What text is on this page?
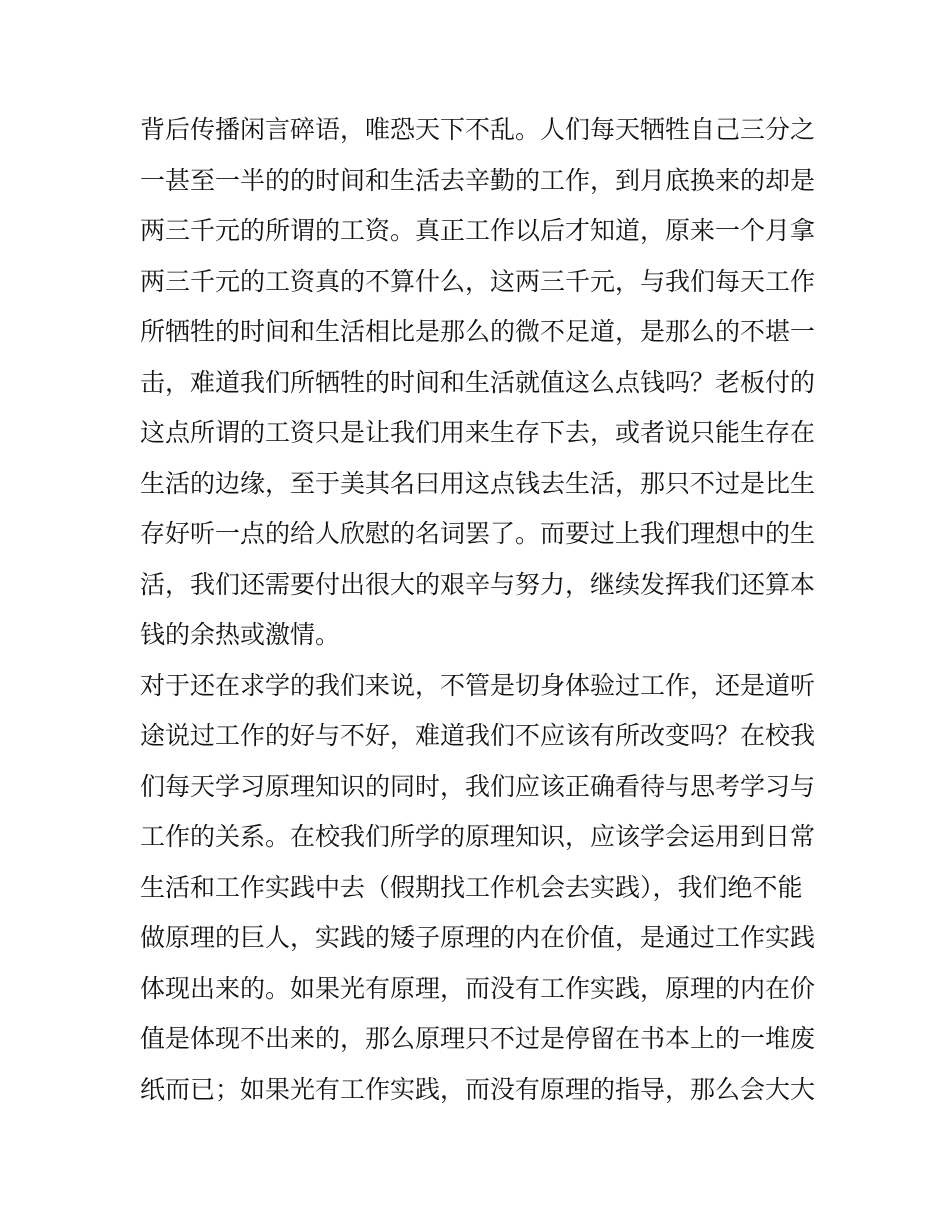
背后传播闲言碎语，唯恐天下不乱。人们每天牺牲自己三分之
一甚至一半的的时间和生活去辛勤的工作，到月底换来的却是
两三千元的所谓的工资。真正工作以后才知道，原来一个月拿
两三千元的工资真的不算什么，这两三千元，与我们每天工作
所牺牲的时间和生活相比是那么的微不足道，是那么的不堪一
击，难道我们所牺牲的时间和生活就值这么点钱吗？老板付的
这点所谓的工资只是让我们用来生存下去，或者说只能生存在
生活的边缘，至于美其名曰用这点钱去生活，那只不过是比生
存好听一点的给人欣慰的名词罢了。而要过上我们理想中的生
活，我们还需要付出很大的艰辛与努力，继续发挥我们还算本
钱的余热或激情。
对于还在求学的我们来说，不管是切身体验过工作，还是道听
途说过工作的好与不好，难道我们不应该有所改变吗？在校我
们每天学习原理知识的同时，我们应该正确看待与思考学习与
工作的关系。在校我们所学的原理知识，应该学会运用到日常
生活和工作实践中去（假期找工作机会去实践），我们绝不能
做原理的巨人，实践的矮子原理的内在价值，是通过工作实践
体现出来的。如果光有原理，而没有工作实践，原理的内在价
值是体现不出来的，那么原理只不过是停留在书本上的一堆废
纸而已；如果光有工作实践，而没有原理的指导，那么会大大
